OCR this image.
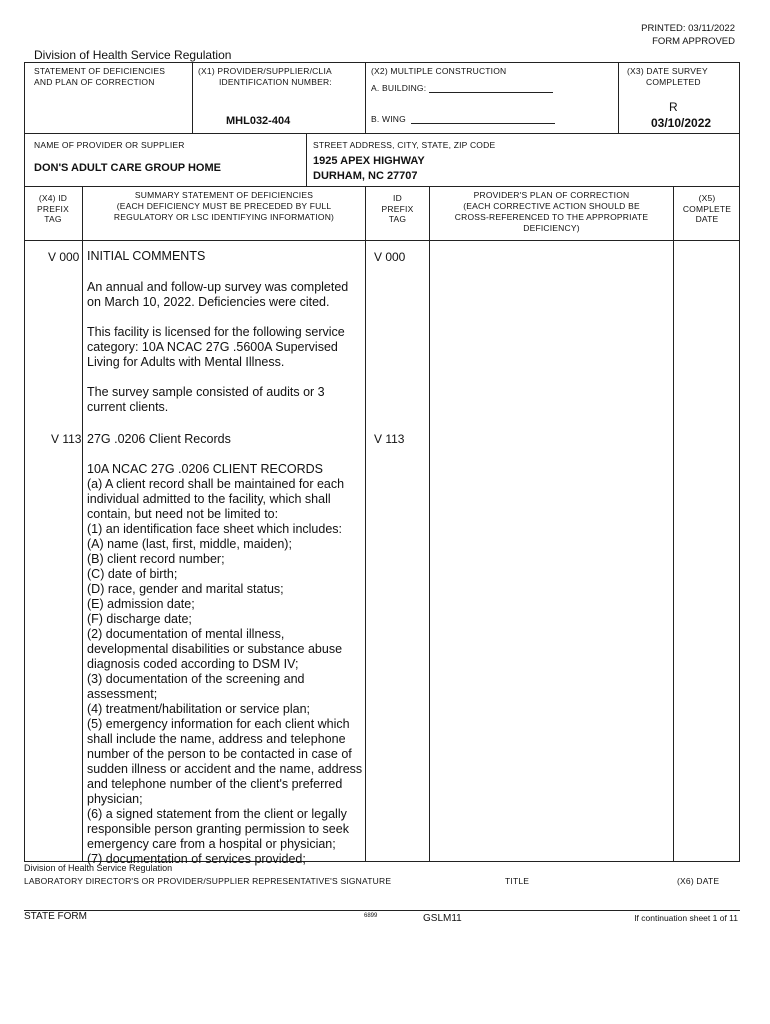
PRINTED: 03/11/2022
FORM APPROVED
Division of Health Service Regulation
STATEMENT OF DEFICIENCIES
AND PLAN OF CORRECTION
(X1) PROVIDER/SUPPLIER/CLIA
IDENTIFICATION NUMBER:
MHL032-404
(X2) MULTIPLE CONSTRUCTION
A. BUILDING:
B. WING
(X3) DATE SURVEY
COMPLETED
R
03/10/2022
NAME OF PROVIDER OR SUPPLIER
DON'S ADULT CARE GROUP HOME
STREET ADDRESS, CITY, STATE, ZIP CODE
1925 APEX HIGHWAY
DURHAM, NC 27707
(X4) ID
PREFIX
TAG
SUMMARY STATEMENT OF DEFICIENCIES
(EACH DEFICIENCY MUST BE PRECEDED BY FULL
REGULATORY OR LSC IDENTIFYING INFORMATION)
ID
PREFIX
TAG
PROVIDER'S PLAN OF CORRECTION
(EACH CORRECTIVE ACTION SHOULD BE
CROSS-REFERENCED TO THE APPROPRIATE
DEFICIENCY)
(X5)
COMPLETE
DATE
V 000 INITIAL COMMENTS	V 000
An annual and follow-up survey was completed
on March 10, 2022. Deficiencies were cited.
This facility is licensed for the following service
category: 10A NCAC 27G .5600A Supervised
Living for Adults with Mental Illness.
The survey sample consisted of audits or 3
current clients.
V 113 27G .0206 Client Records	V 113
10A NCAC 27G .0206 CLIENT RECORDS
(a) A client record shall be maintained for each
individual admitted to the facility, which shall
contain, but need not be limited to:
(1) an identification face sheet which includes:
(A) name (last, first, middle, maiden);
(B) client record number;
(C) date of birth;
(D) race, gender and marital status;
(E) admission date;
(F) discharge date;
(2) documentation of mental illness,
developmental disabilities or substance abuse
diagnosis coded according to DSM IV;
(3) documentation of the screening and
assessment;
(4) treatment/habilitation or service plan;
(5) emergency information for each client which
shall include the name, address and telephone
number of the person to be contacted in case of
sudden illness or accident and the name, address
and telephone number of the client's preferred
physician;
(6) a signed statement from the client or legally
responsible person granting permission to seek
emergency care from a hospital or physician;
(7) documentation of services provided;
Division of Health Service Regulation
LABORATORY DIRECTOR'S OR PROVIDER/SUPPLIER REPRESENTATIVE'S SIGNATURE	TITLE	(X6) DATE
STATE FORM	6899	GSLM11	If continuation sheet 1 of 11
